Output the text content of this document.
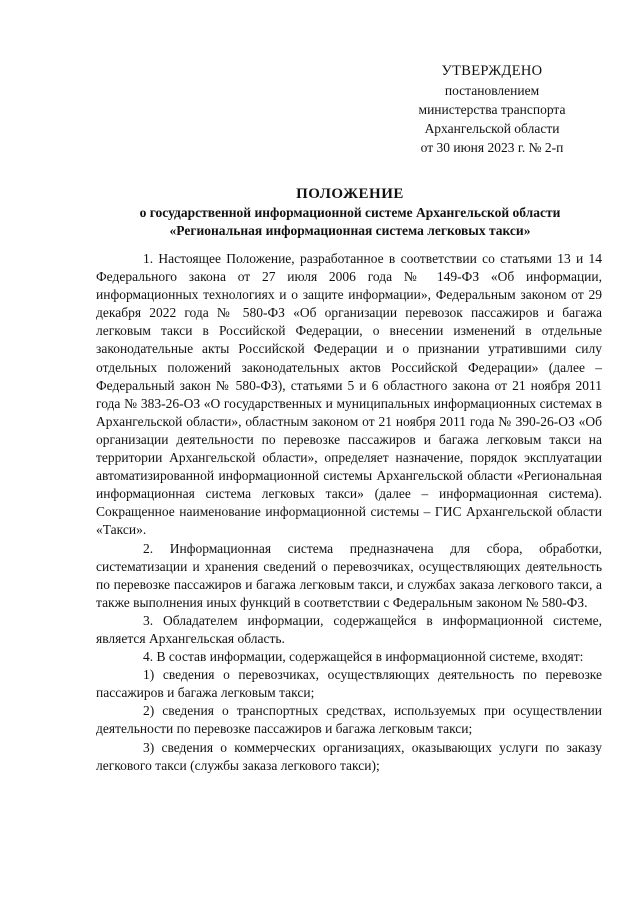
УТВЕРЖДЕНО
постановлением
министерства транспорта
Архангельской области
от 30 июня 2023 г. № 2-п
ПОЛОЖЕНИЕ
о государственной информационной системе Архангельской области
«Региональная информационная система легковых такси»

1. Настоящее Положение, разработанное в соответствии со статьями 13 и 14 Федерального закона от 27 июля 2006 года № 149-ФЗ «Об информации, информационных технологиях и о защите информации», Федеральным законом от 29 декабря 2022 года № 580-ФЗ «Об организации перевозок пассажиров и багажа легковым такси в Российской Федерации, о внесении изменений в отдельные законодательные акты Российской Федерации и о признании утратившими силу отдельных положений законодательных актов Российской Федерации» (далее – Федеральный закон № 580-ФЗ), статьями 5 и 6 областного закона от 21 ноября 2011 года № 383-26-ОЗ «О государственных и муниципальных информационных системах в Архангельской области», областным законом от 21 ноября 2011 года № 390-26-ОЗ «Об организации деятельности по перевозке пассажиров и багажа легковым такси на территории Архангельской области», определяет назначение, порядок эксплуатации автоматизированной информационной системы Архангельской области «Региональная информационная система легковых такси» (далее – информационная система). Сокращенное наименование информационной системы – ГИС Архангельской области «Такси».

2. Информационная система предназначена для сбора, обработки, систематизации и хранения сведений о перевозчиках, осуществляющих деятельность по перевозке пассажиров и багажа легковым такси, и службах заказа легкового такси, а также выполнения иных функций в соответствии с Федеральным законом № 580-ФЗ.

3. Обладателем информации, содержащейся в информационной системе, является Архангельская область.

4. В состав информации, содержащейся в информационной системе, входят:

1) сведения о перевозчиках, осуществляющих деятельность по перевозке пассажиров и багажа легковым такси;

2) сведения о транспортных средствах, используемых при осуществлении деятельности по перевозке пассажиров и багажа легковым такси;

3) сведения о коммерческих организациях, оказывающих услуги по заказу легкового такси (службы заказа легкового такси);
